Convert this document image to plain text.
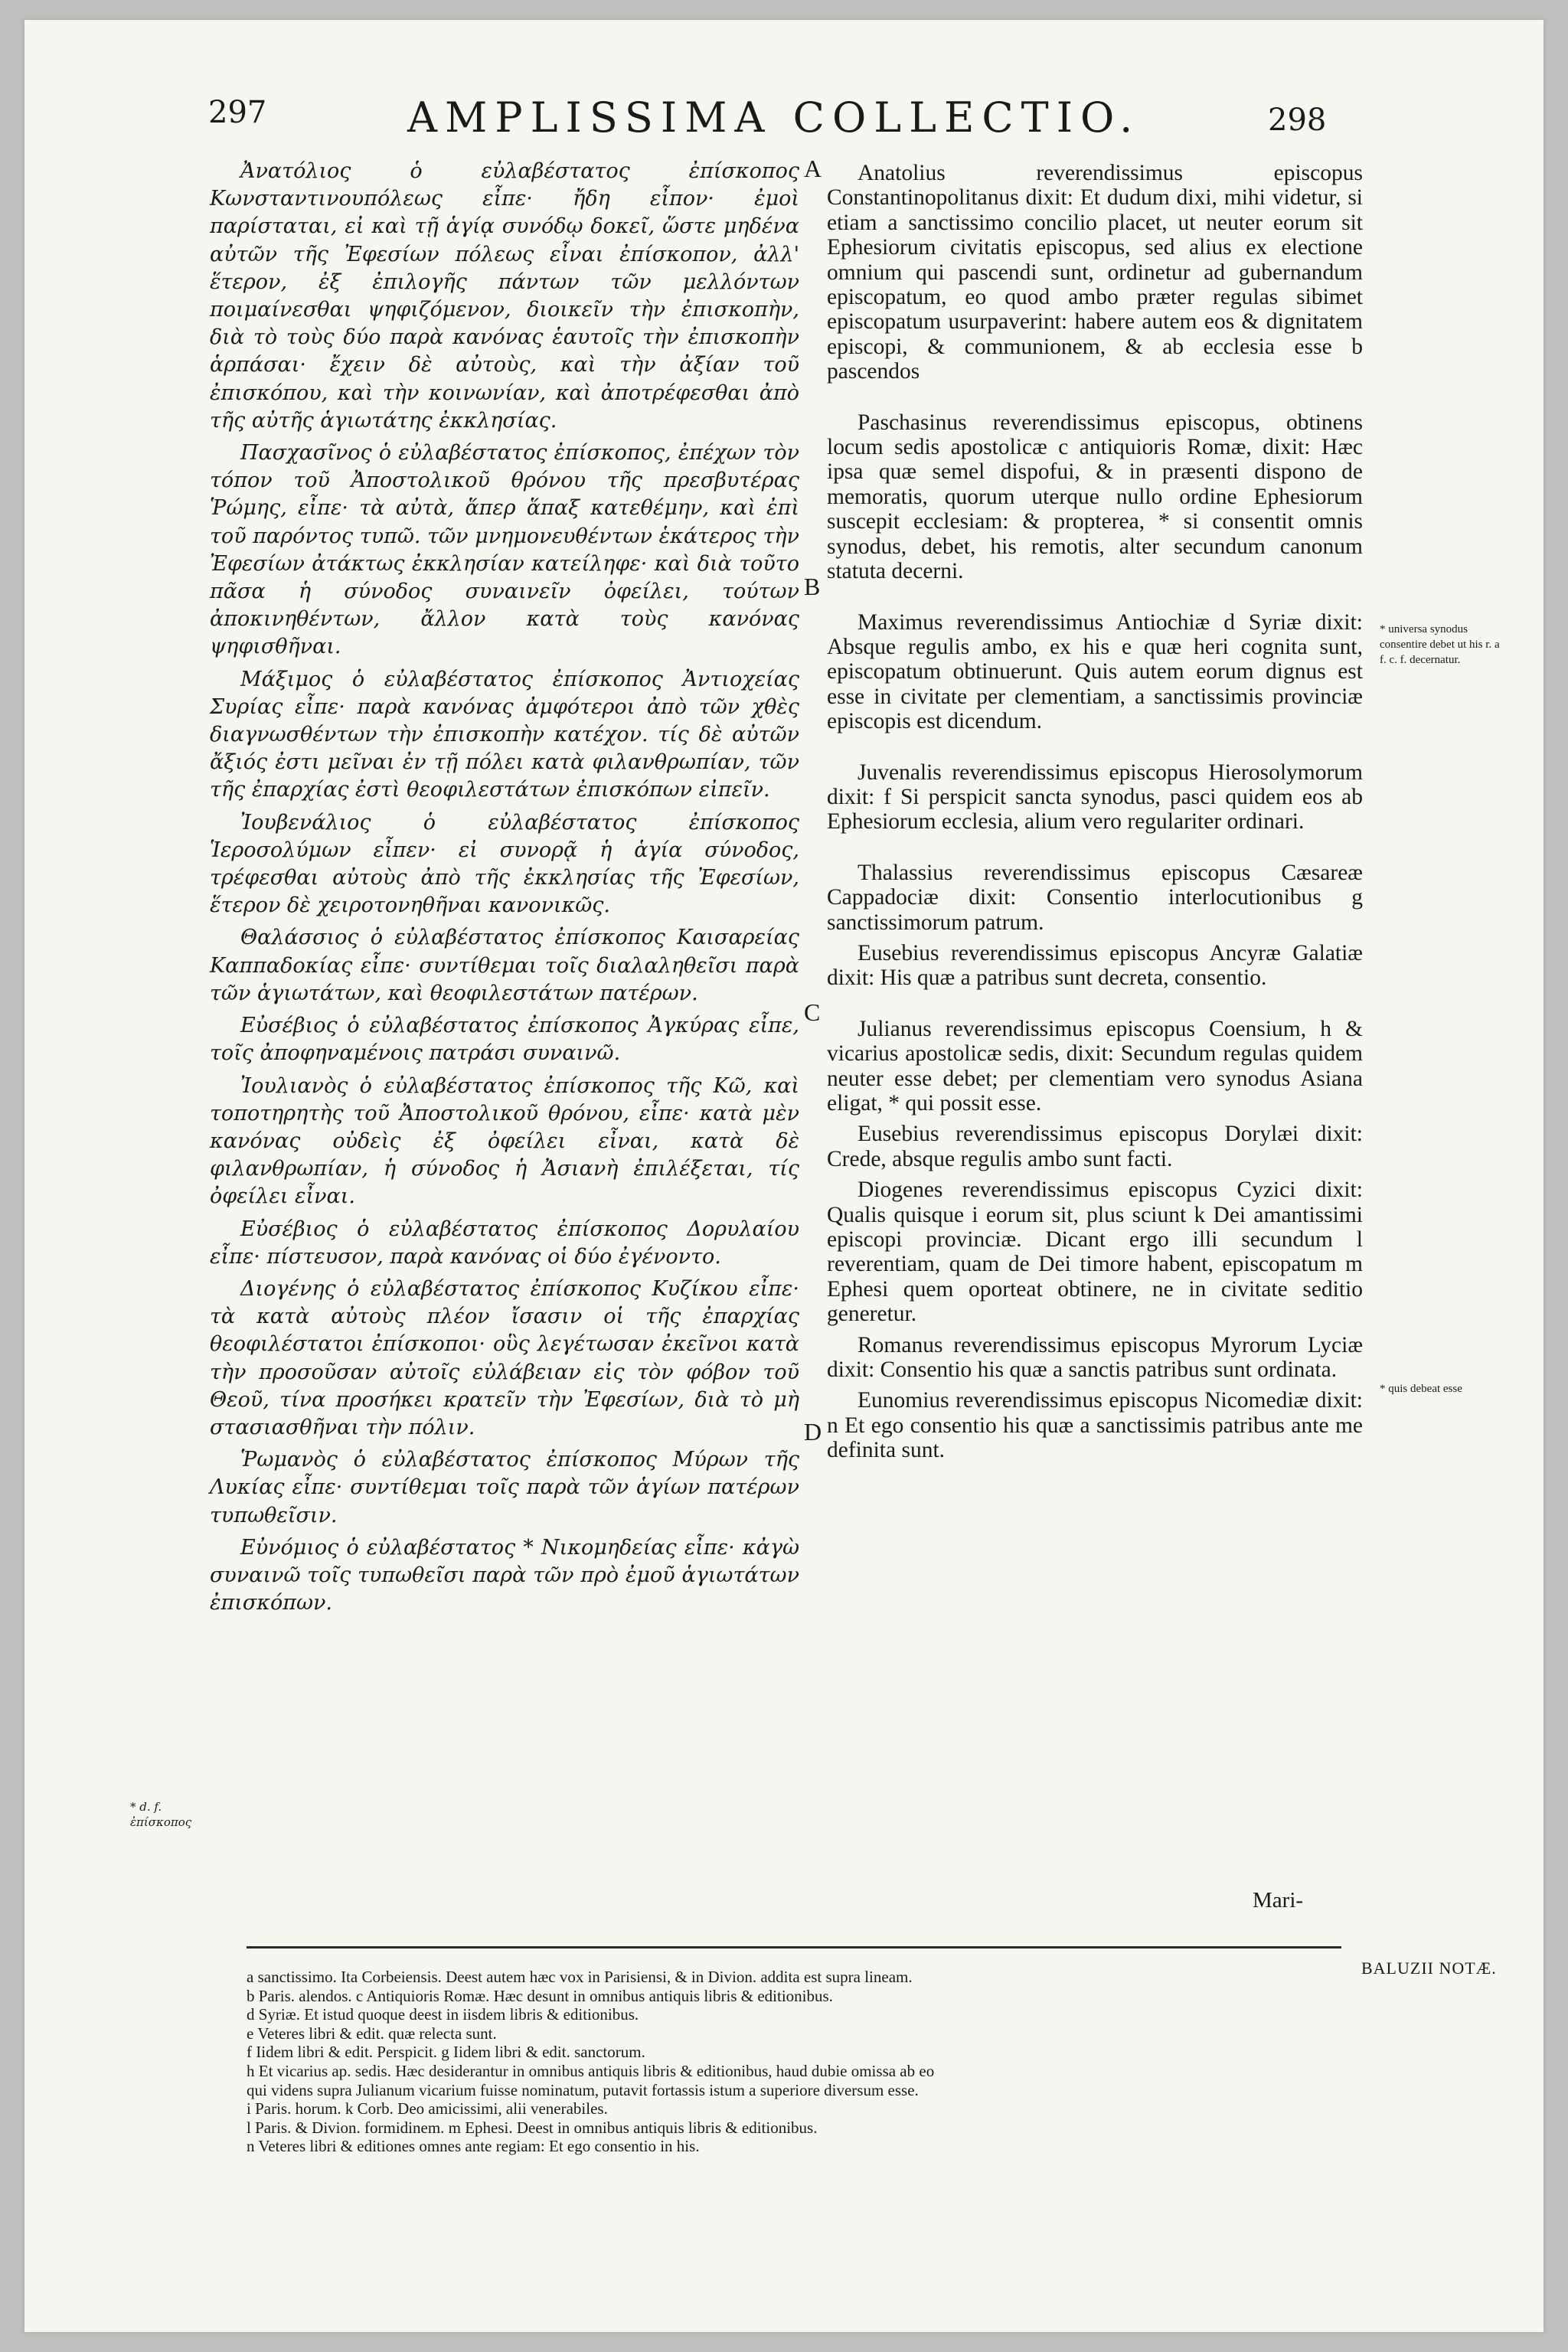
297	AMPLISSIMA COLLECTIO.	298

Ἀνατόλιος ὁ εὐλαβέστατος ἐπίσκοπος Κωνσταντινουπόλεως εἶπε· ἤδη εἶπον· ἐμοὶ παρίσταται, εἰ καὶ τῇ ἁγίᾳ συνόδῳ δοκεῖ, ὥστε μηδένα αὐτῶν τῆς Ἐφεσίων πόλεως εἶναι ἐπίσκοπον, ἀλλ' ἕτερον, ἐξ ἐπιλογῆς πάντων τῶν μελλόντων ποιμαίνεσθαι ψηφιζόμενον, διοικεῖν τὴν ἐπισκοπὴν, διὰ τὸ τοὺς δύο παρὰ κανόνας ἑαυτοῖς τὴν ἐπισκοπὴν ἁρπάσαι· ἔχειν δὲ αὐτοὺς, καὶ τὴν ἀξίαν τοῦ ἐπισκόπου, καὶ τὴν κοινωνίαν, καὶ ἀποτρέφεσθαι ἀπὸ τῆς αὐτῆς ἁγιωτάτης ἐκκλησίας.

Πασχασῖνος ὁ εὐλαβέστατος ἐπίσκοπος, ἐπέχων τὸν τόπον τοῦ Ἀποστολικοῦ θρόνου τῆς πρεσβυτέρας Ῥώμης, εἶπε· τὰ αὐτὰ, ἅπερ ἅπαξ κατεθέμην, καὶ ἐπὶ τοῦ παρόντος τυπῶ. τῶν μνημονευθέντων ἑκάτερος τὴν Ἐφεσίων ἀτάκτως ἐκκλησίαν κατείληφε· καὶ διὰ τοῦτο πᾶσα ἡ σύνοδος συναινεῖν ὀφείλει, τούτων ἀποκινηθέντων, ἄλλον κατὰ τοὺς κανόνας ψηφισθῆναι.

Μάξιμος ὁ εὐλαβέστατος ἐπίσκοπος Ἀντιοχείας Συρίας εἶπε· παρὰ κανόνας ἀμφότεροι ἀπὸ τῶν χθὲς διαγνωσθέντων τὴν ἐπισκοπὴν κατέχον. τίς δὲ αὐτῶν ἄξιός ἐστι μεῖναι ἐν τῇ πόλει κατὰ φιλανθρωπίαν, τῶν τῆς ἐπαρχίας ἐστὶ θεοφιλεστάτων ἐπισκόπων εἰπεῖν.

Ἰουβενάλιος ὁ εὐλαβέστατος ἐπίσκοπος Ἱεροσολύμων εἶπεν· εἰ συνορᾷ ἡ ἁγία σύνοδος, τρέφεσθαι αὐτοὺς ἀπὸ τῆς ἐκκλησίας τῆς Ἐφεσίων, ἕτερον δὲ χειροτονηθῆναι κανονικῶς.

Θαλάσσιος ὁ εὐλαβέστατος ἐπίσκοπος Καισαρείας Καππαδοκίας εἶπε· συντίθεμαι τοῖς διαλαληθεῖσι παρὰ τῶν ἁγιωτάτων, καὶ θεοφιλεστάτων πατέρων.

Εὐσέβιος ὁ εὐλαβέστατος ἐπίσκοπος Ἀγκύρας εἶπε, τοῖς ἀποφηναμένοις πατράσι συναινῶ.

Ἰουλιανὸς ὁ εὐλαβέστατος ἐπίσκοπος τῆς Κῶ, καὶ τοποτηρητὴς τοῦ Ἀποστολικοῦ θρόνου, εἶπε· κατὰ μὲν κανόνας οὐδεὶς ἐξ ὀφείλει εἶναι, κατὰ δὲ φιλανθρωπίαν, ἡ σύνοδος ἡ Ἀσιανὴ ἐπιλέξεται, τίς ὀφείλει εἶναι.

Εὐσέβιος ὁ εὐλαβέστατος ἐπίσκοπος Δορυλαίου εἶπε· πίστευσον, παρὰ κανόνας οἱ δύο ἐγένοντο.

Διογένης ὁ εὐλαβέστατος ἐπίσκοπος Κυζίκου εἶπε· τὰ κατὰ αὐτοὺς πλέον ἴσασιν οἱ τῆς ἐπαρχίας θεοφιλέστατοι ἐπίσκοποι· οὓς λεγέτωσαν ἐκεῖνοι κατὰ τὴν προσοῦσαν αὐτοῖς εὐλάβειαν εἰς τὸν φόβον τοῦ Θεοῦ, τίνα προσήκει κρατεῖν τὴν Ἐφεσίων, διὰ τὸ μὴ στασιασθῆναι τὴν πόλιν.

Ῥωμανὸς ὁ εὐλαβέστατος ἐπίσκοπος Μύρων τῆς Λυκίας εἶπε· συντίθεμαι τοῖς παρὰ τῶν ἁγίων πατέρων τυπωθεῖσιν.

Εὐνόμιος ὁ εὐλαβέστατος * Νικομηδείας εἶπε· κἀγὼ συναινῶ τοῖς τυπωθεῖσι παρὰ τῶν πρὸ ἐμοῦ ἁγιωτάτων ἐπισκόπων.

A
B
C
D

Anatolius reverendissimus episcopus Constantinopolitanus dixit: Et dudum dixi, mihi videtur, si etiam a sanctissimo concilio placet, ut neuter eorum sit Ephesiorum civitatis episcopus, sed alius ex electione omnium qui pascendi sunt, ordinetur ad gubernandum episcopatum, eo quod ambo præter regulas sibimet episcopatum usurpaverint: habere autem eos & dignitatem episcopi, & communionem, & ab ecclesia esse b pascendos

Paschasinus reverendissimus episcopus, obtinens locum sedis apostolicæ c antiquioris Romæ, dixit: Hæc ipsa quæ semel dispofui, & in præsenti dispono de memoratis, quorum uterque nullo ordine Ephesiorum suscepit ecclesiam: & propterea, * si consentit omnis synodus, debet, his remotis, alter secundum canonum statuta decerni.

Maximus reverendissimus Antiochiæ d Syriæ dixit: Absque regulis ambo, ex his e quæ heri cognita sunt, episcopatum obtinuerunt. Quis autem eorum dignus est esse in civitate per clementiam, a sanctissimis provinciæ episcopis est dicendum.

Juvenalis reverendissimus episcopus Hierosolymorum dixit: f Si perspicit sancta synodus, pasci quidem eos ab Ephesiorum ecclesia, alium vero regulariter ordinari.

Thalassius reverendissimus episcopus Cæsareæ Cappadociæ dixit: Consentio interlocutionibus g sanctissimorum patrum.

Eusebius reverendissimus episcopus Ancyræ Galatiæ dixit: His quæ a patribus sunt decreta, consentio.

Julianus reverendissimus episcopus Coensium, h & vicarius apostolicæ sedis, dixit: Secundum regulas quidem neuter esse debet; per clementiam vero synodus Asiana eligat, * qui possit esse.

Eusebius reverendissimus episcopus Dorylæi dixit: Crede, absque regulis ambo sunt facti.

Diogenes reverendissimus episcopus Cyzici dixit: Qualis quisque i eorum sit, plus sciunt k Dei amantissimi episcopi provinciæ. Dicant ergo illi secundum l reverentiam, quam de Dei timore habent, episcopatum m Ephesi quem oporteat obtinere, ne in civitate seditio generetur.

Romanus reverendissimus episcopus Myrorum Lyciæ dixit: Consentio his quæ a sanctis patribus sunt ordinata.

Eunomius reverendissimus episcopus Nicomediæ dixit: n Et ego consentio his quæ a sanctissimis patribus ante me definita sunt.

* universa synodus consentire debet ut his r. a f. c. f. decernatur.
* quis debeat esse
* d. f. ἐπίσκοπος
Mari-
BALUZII NOTÆ.
a sanctissimo. Ita Corbeiensis. Deest autem hæc vox in Parisiensi, & in Divion. addita est supra lineam.
b Paris. alendos. c Antiquioris Romæ. Hæc desunt in omnibus antiquis libris & editionibus.
d Syriæ. Et istud quoque deest in iisdem libris & editionibus.
e Veteres libri & edit. quæ relecta sunt.
f Iidem libri & edit. Perspicit. g Iidem libri & edit. sanctorum.
h Et vicarius ap. sedis. Hæc desiderantur in omnibus antiquis libris & editionibus, haud dubie omissa ab eo
qui videns supra Julianum vicarium fuisse nominatum, putavit fortassis istum a superiore diversum esse.
i Paris. horum. k Corb. Deo amicissimi, alii venerabiles.
l Paris. & Divion. formidinem. m Ephesi. Deest in omnibus antiquis libris & editionibus.
n Veteres libri & editiones omnes ante regiam: Et ego consentio in his.
